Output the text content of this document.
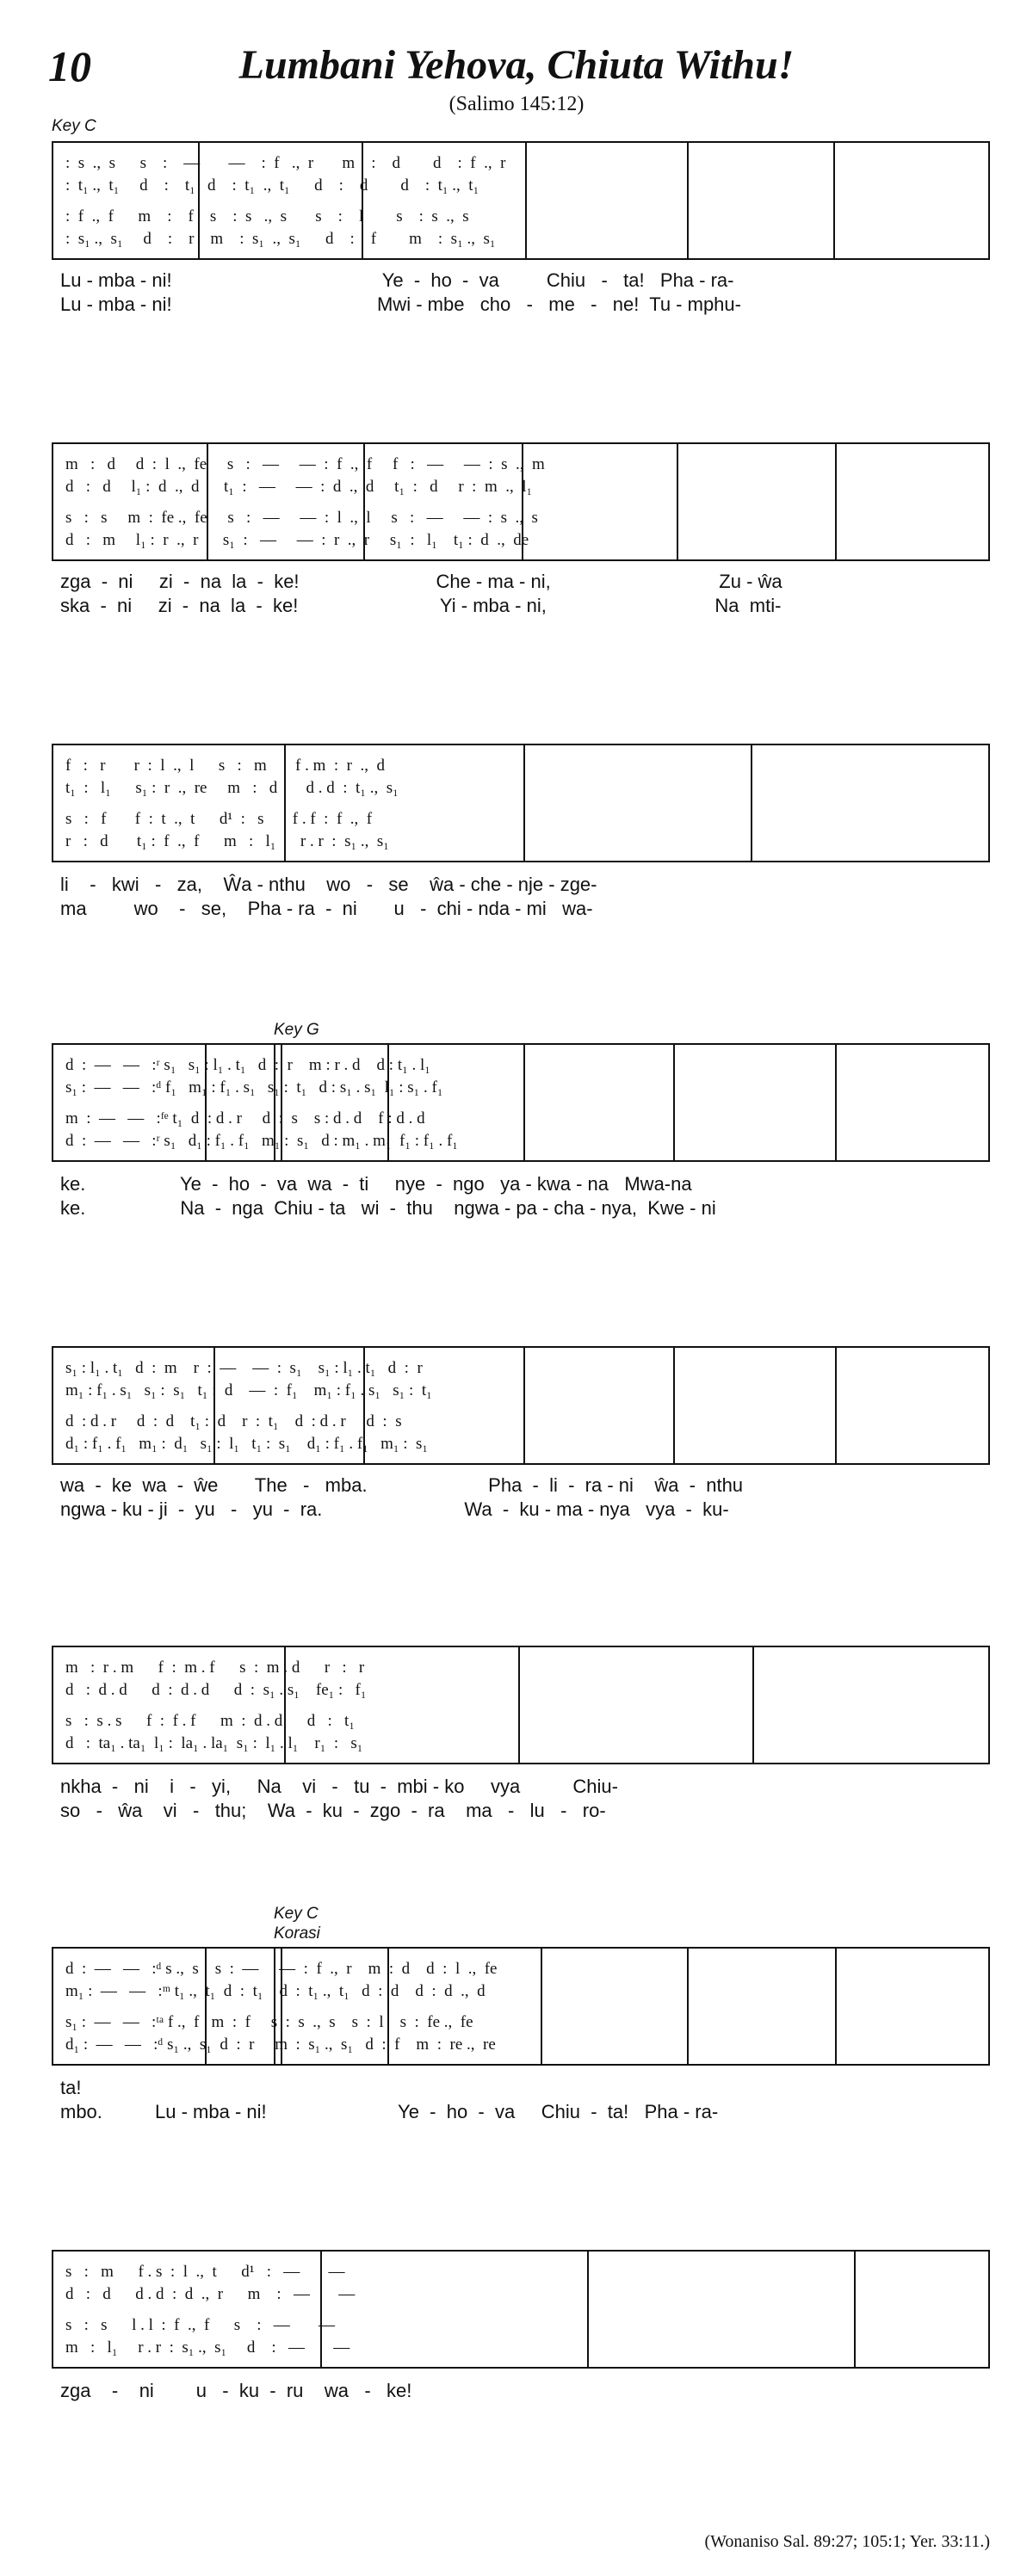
10	Lumbani Yehova, Chiuta Withu!
(Salimo 145:12)
Key C
Key G
Key C
Korasi
:  s  .,  s      s    :    —       —    :  f   .,  r       m    :    d        d    :  f  .,  r
:  t₁ .,  t₁     d    :    t₁   d    :  t₁  .,  t₁      d    :    d        d    :  t₁ .,  t₁
:  f  .,  f      m    :    f    s    :  s   .,  s       s    :    l        s    :  s  .,  s
:  s₁ .,  s₁     d    :    r    m    :  s₁  .,  s₁      d    :    f        m    :  s₁ .,  s₁
Lu - mba - ni!                                        Ye  -  ho  -  va         Chiu   -   ta!   Pha - ra-
Lu - mba - ni!                                       Mwi - mbe   cho   -   me   -   ne!  Tu - mphu-
m   :   d     d  :  l  .,  fe     s   :   —     —  :  f  .,  f     f   :   —     —  :  s  .,  m
d   :   d     l₁ :  d  .,  d      t₁  :   —     —  :  d  .,  d     t₁  :   d     r  :  m  .,  l₁
s   :   s     m  :  fe .,  fe     s   :   —     —  :  l  .,  l     s   :   —     —  :  s  .,  s
d   :   m     l₁ :  r  .,  r      s₁  :   —     —  :  r  .,  r     s₁  :   l₁    t₁ :  d  .,  de
zga  -  ni     zi  -  na  la  -  ke!                          Che - ma - ni,                                Zu - ŵa
ska  -  ni     zi  -  na  la  -  ke!                           Yi - mba - ni,                                Na  mti-
f   :   r       r  :  l  .,  l      s   :   m       f . m  :  r  .,  d
t₁  :   l₁      s₁ :  r  .,  re     m   :   d       d . d  :  t₁ .,  s₁
s   :   f       f  :  t  .,  t      d¹  :   s       f . f  :  f  .,  f
r   :   d       t₁ :  f  .,  f      m   :   l₁      r . r  :  s₁ .,  s₁
li    -   kwi   -   za,    Ŵa - nthu    wo   -   se    ŵa - che - nje - zge-
ma         wo    -   se,    Pha - ra  -  ni       u   -  chi - nda - mi   wa-
d  :  —   —   :ʳ s₁   s₁ : l₁ . t₁   d  :  r    m : r . d    d : t₁ . l₁
s₁ :  —   —   :ᵈ f₁   m₁ : f₁ . s₁   s₁ :  t₁   d : s₁ . s₁  l₁ : s₁ . f₁
m  :  —   —   :ᶠᵉ t₁  d  : d . r     d  :  s    s : d . d    f : d . d
d  :  —   —   :ʳ s₁   d₁ : f₁ . f₁   m₁ :  s₁   d : m₁ . m₁  f₁ : f₁ . f₁
ke.                  Ye  -  ho  -  va  wa  -  ti     nye  -  ngo   ya - kwa - na   Mwa-na
ke.                  Na  -  nga  Chiu - ta   wi  -  thu    ngwa - pa - cha - nya,  Kwe - ni
s₁ : l₁ . t₁   d  :  m    r  :  —    —  :  s₁    s₁ : l₁ . t₁   d  :  r
m₁ : f₁ . s₁   s₁ :  s₁   t₁ :  d    —  :  f₁    m₁ : f₁ . s₁   s₁ :  t₁
d  : d . r     d  :  d    t₁ :  d    r  :  t₁    d  : d . r     d  :  s
d₁ : f₁ . f₁   m₁ :  d₁   s₁ :  l₁   t₁ :  s₁    d₁ : f₁ . f₁   m₁ :  s₁
wa  -  ke  wa  -  ŵe       The   -   mba.                       Pha  -  li  -  ra - ni    ŵa  -  nthu
ngwa - ku - ji  -  yu   -   yu  -  ra.                           Wa  -  ku - ma - nya   vya  -  ku-
m   :  r . m      f  :  m . f      s  :  m . d      r   :   r
d   :  d . d      d  :  d . d      d  :  s₁ . s₁    fe₁ :   f₁
s   :  s . s      f  :  f . f      m  :  d . d      d   :   t₁
d   :  ta₁ . ta₁  l₁ :  la₁ . la₁  s₁ :  l₁ . l₁    r₁  :   s₁
nkha  -   ni    i   -   yi,     Na    vi   -   tu  -  mbi - ko     vya          Chiu-
so   -   ŵa    vi   -   thu;    Wa  -  ku  -  zgo  -  ra    ma   -   lu   -   ro-
d  :  —   —   :ᵈ s .,  s    s  :  —     —  :  f  .,  r    m  :  d    d  :  l  .,  fe
m₁ :  —   —   :ᵐ t₁ .,  t₁  d  :  t₁    d  :  t₁ .,  t₁   d  :  d    d  :  d  .,  d
s₁ :  —   —   :ᵗᵃ f .,  f   m  :  f     s  :  s  .,  s    s  :  l    s  :  fe .,  fe
d₁ :  —   —   :ᵈ s₁ .,  s₁  d  :  r     m  :  s₁ .,  s₁   d  :  f    m  :  re .,  re
ta!
mbo.          Lu - mba - ni!                         Ye  -  ho  -  va     Chiu  -  ta!   Pha - ra-
s   :   m      f . s  :  l  .,  t      d¹   :   —       —
d   :   d      d . d  :  d  .,  r      m    :   —       —
s   :   s      l . l  :  f  .,  f      s    :   —       —
m   :   l₁     r . r  :  s₁ .,  s₁     d    :   —       —
zga    -    ni        u   -  ku  -  ru    wa   -   ke!
(Wonaniso Sal. 89:27; 105:1; Yer. 33:11.)
